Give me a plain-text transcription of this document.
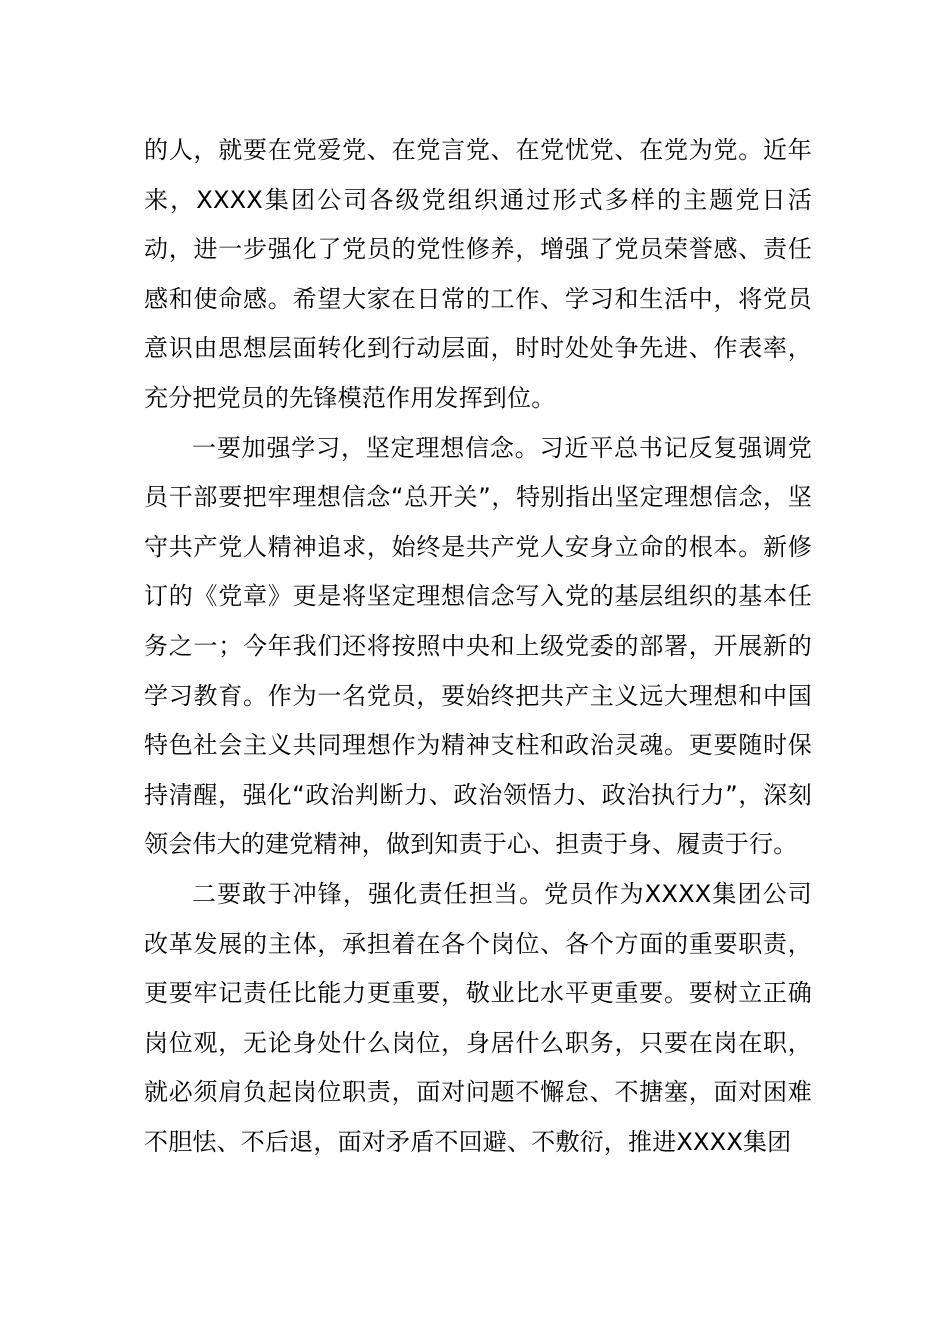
的人，就要在党爱党、在党言党、在党忧党、在党为党。近年来，XXXX集团公司各级党组织通过形式多样的主题党日活动，进一步强化了党员的党性修养，增强了党员荣誉感、责任感和使命感。希望大家在日常的工作、学习和生活中，将党员意识由思想层面转化到行动层面，时时处处争先进、作表率，充分把党员的先锋模范作用发挥到位。

一要加强学习，坚定理想信念。习近平总书记反复强调党员干部要把牢理想信念“总开关”，特别指出坚定理想信念，坚守共产党人精神追求，始终是共产党人安身立命的根本。新修订的《党章》更是将坚定理想信念写入党的基层组织的基本任务之一；今年我们还将按照中央和上级党委的部署，开展新的学习教育。作为一名党员，要始终把共产主义远大理想和中国特色社会主义共同理想作为精神支柱和政治灵魂。更要随时保持清醒，强化“政治判断力、政治领悟力、政治执行力”，深刻领会伟大的建党精神，做到知责于心、担责于身、履责于行。

二要敢于冲锋，强化责任担当。党员作为XXXX集团公司改革发展的主体，承担着在各个岗位、各个方面的重要职责，更要牢记责任比能力更重要，敬业比水平更重要。要树立正确岗位观，无论身处什么岗位，身居什么职务，只要在岗在职，就必须肩负起岗位职责，面对问题不懈怠、不搪塞，面对困难不胆怯、不后退，面对矛盾不回避、不敷衍，推进XXXX集团
